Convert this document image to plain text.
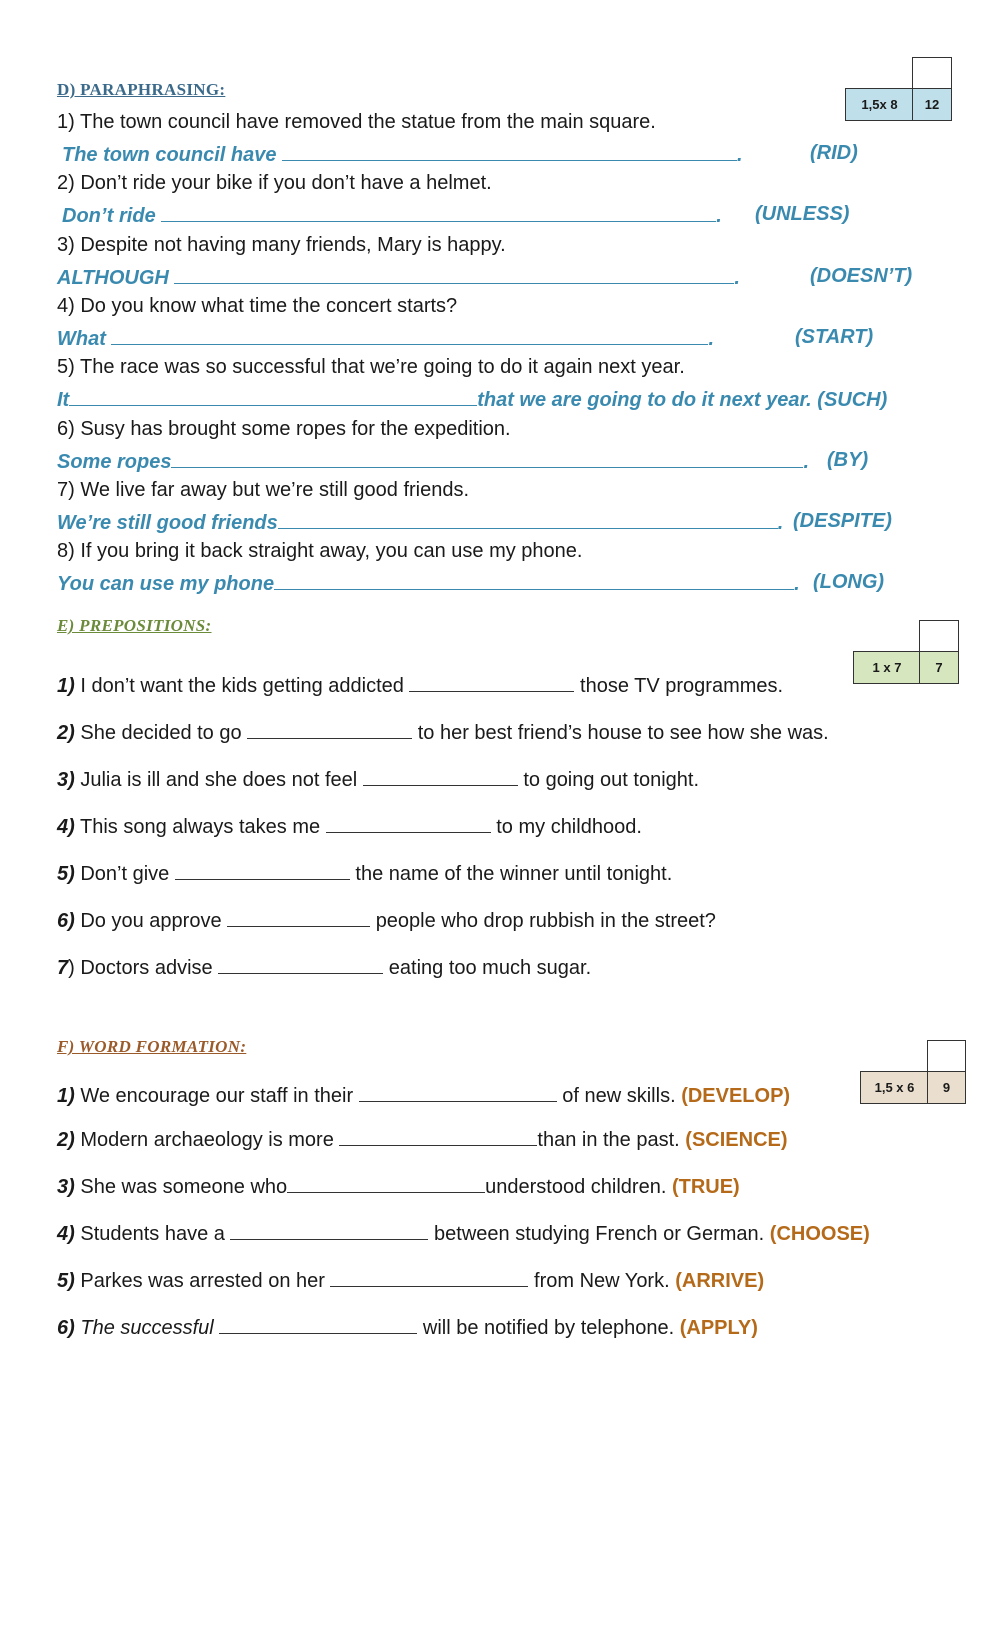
D) PARAPHRASING:
1,5x 8	12
1) The town council have removed the statue from the main square.
The town council have	.	(RID)
2) Don’t ride your bike if you don’t have a helmet.
Don’t ride	. (UNLESS)
3) Despite not having many friends, Mary is happy.
ALTHOUGH	.	(DOESN’T)
4) Do you know what time the concert starts?
What	.	(START)
5) The race was so successful that we’re going to do it again next year.
It	that we are going to do it next year. (SUCH)
6) Susy has brought some ropes for the expedition.
Some ropes	. (BY)
7) We live far away but we’re still good friends.
We’re still good friends	. (DESPITE)
8) If you bring it back straight away, you can use my phone.
You can use my phone	. (LONG)
E) PREPOSITIONS:
1 x 7	7
1) I don’t want the kids getting addicted	those TV programmes.
2) She decided to go	to her best friend’s house to see how she was.
3) Julia is ill and she does not feel	to going out tonight.
4) This song always takes me	to my childhood.
5) Don’t give	the name of the winner until tonight.
6) Do you approve	people who drop rubbish in the street?
7) Doctors advise	eating too much sugar.
F) WORD FORMATION:
1,5 x 6	9
1) We encourage our staff in their	of new skills. (DEVELOP)
2) Modern archaeology is more	than in the past. (SCIENCE)
3) She was someone who	understood children. (TRUE)
4) Students have a	between studying French or German. (CHOOSE)
5) Parkes was arrested on her	from New York. (ARRIVE)
6) The successful	will be notified by telephone. (APPLY)
